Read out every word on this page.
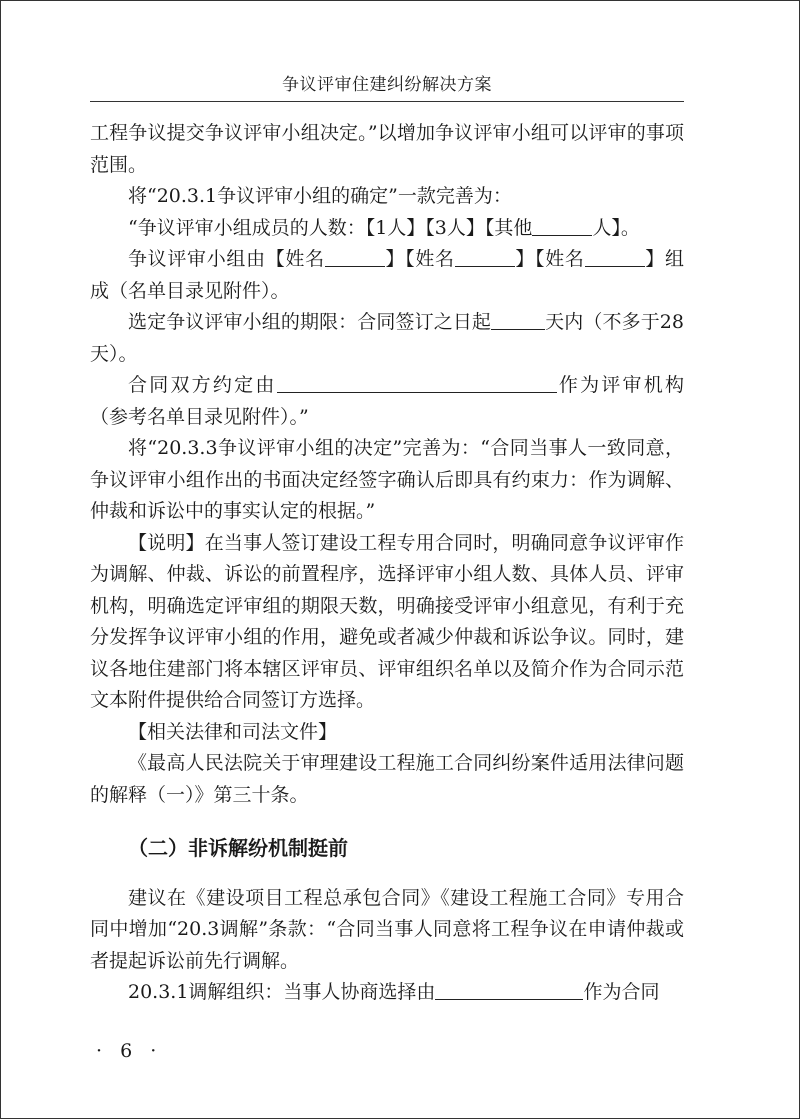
争议评审住建纠纷解决方案

工程争议提交争议评审小组决定。”以增加争议评审小组可以评审的事项范围。

将“20.3.1争议评审小组的确定”一款完善为：

“争议评审小组成员的人数：【1人】【3人】【其他	人】。

争议评审小组由【姓名	】【姓名	】【姓名	】组成（名单目录见附件）。

选定争议评审小组的期限：合同签订之日起	天内（不多于28天）。

合同双方约定由	作为评审机构（参考名单目录见附件）。”

将“20.3.3争议评审小组的决定”完善为：“合同当事人一致同意，争议评审小组作出的书面决定经签字确认后即具有约束力：作为调解、仲裁和诉讼中的事实认定的根据。”

【说明】在当事人签订建设工程专用合同时，明确同意争议评审作为调解、仲裁、诉讼的前置程序，选择评审小组人数、具体人员、评审机构，明确选定评审组的期限天数，明确接受评审小组意见，有利于充分发挥争议评审小组的作用，避免或者减少仲裁和诉讼争议。同时，建议各地住建部门将本辖区评审员、评审组织名单以及简介作为合同示范文本附件提供给合同签订方选择。

【相关法律和司法文件】

《最高人民法院关于审理建设工程施工合同纠纷案件适用法律问题的解释（一）》第三十条。

（二）非诉解纷机制挺前

建议在《建设项目工程总承包合同》《建设工程施工合同》专用合同中增加“20.3调解”条款：“合同当事人同意将工程争议在申请仲裁或者提起诉讼前先行调解。

20.3.1调解组织：当事人协商选择由	作为合同

· 6 ·
